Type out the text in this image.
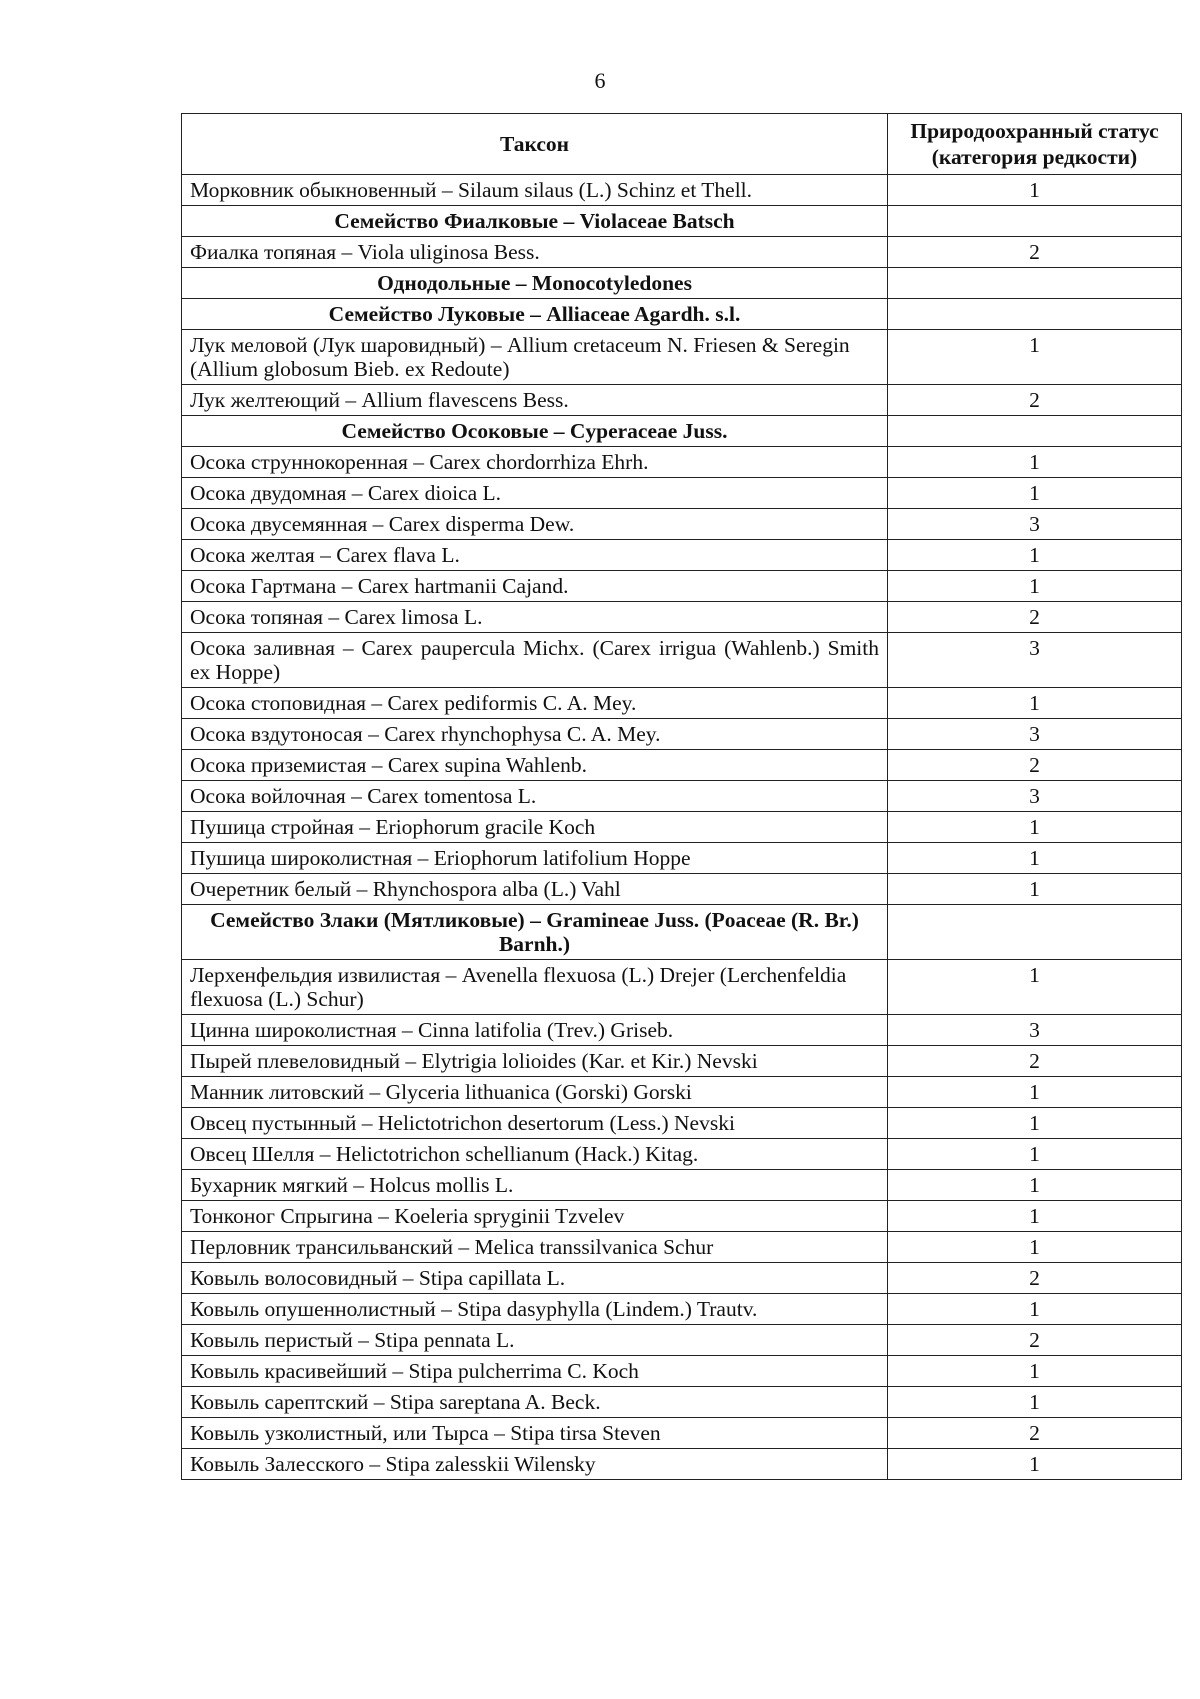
6
Таксон	Природоохранный статус (категория редкости)
Морковник обыкновенный – Silaum silaus (L.) Schinz et Thell.	1
Семейство Фиалковые – Violaceae Batsch	
Фиалка топяная – Viola uliginosa Bess.	2
Однодольные – Monocotyledones	
Семейство Луковые – Alliaceae Agardh. s.l.	
Лук меловой (Лук шаровидный) – Allium cretaceum N. Friesen & Seregin (Allium globosum Bieb. ex Redoute)	1
Лук желтеющий – Allium flavescens Bess.	2
Семейство Осоковые – Cyperaceae Juss.	
Осока струннокоренная – Carex chordorrhiza Ehrh.	1
Осока двудомная – Carex dioica L.	1
Осока двусемянная – Carex disperma Dew.	3
Осока желтая – Carex flava L.	1
Осока Гартмана – Carex hartmanii Cajand.	1
Осока топяная – Carex limosa L.	2
Осока заливная – Carex paupercula Michx. (Carex irrigua (Wahlenb.) Smith ex Hoppe)	3
Осока стоповидная – Carex pediformis C. A. Mey.	1
Осока вздутоносая – Carex rhynchophysa C. A. Mey.	3
Осока приземистая – Carex supina Wahlenb.	2
Осока войлочная – Carex tomentosa L.	3
Пушица стройная – Eriophorum gracile Koch	1
Пушица широколистная – Eriophorum latifolium Hoppe	1
Очеретник белый – Rhynchospora alba (L.) Vahl	1
Семейство Злаки (Мятликовые) – Gramineae Juss. (Poaceae (R. Br.) Barnh.)	
Лерхенфельдия извилистая – Avenella flexuosa (L.) Drejer (Lerchenfeldia flexuosa (L.) Schur)	1
Цинна широколистная – Cinna latifolia (Trev.) Griseb.	3
Пырей плевеловидный – Elytrigia lolioides (Kar. et Kir.) Nevski	2
Манник литовский – Glyceria lithuanica (Gorski) Gorski	1
Овсец пустынный – Helictotrichon desertorum (Less.) Nevski	1
Овсец Шелля – Helictotrichon schellianum (Hack.) Kitag.	1
Бухарник мягкий – Holcus mollis L.	1
Тонконог Спрыгина – Koeleria spryginii Tzvelev	1
Перловник трансильванский – Melica transsilvanica Schur	1
Ковыль волосовидный – Stipa capillata L.	2
Ковыль опушеннолистный – Stipa dasyphylla (Lindem.) Trautv.	1
Ковыль перистый – Stipa pennata L.	2
Ковыль красивейший – Stipa pulcherrima C. Koch	1
Ковыль сарептский – Stipa sareptana A. Beck.	1
Ковыль узколистный, или Тырса – Stipa tirsa Steven	2
Ковыль Залесского – Stipa zalesskii Wilensky	1
